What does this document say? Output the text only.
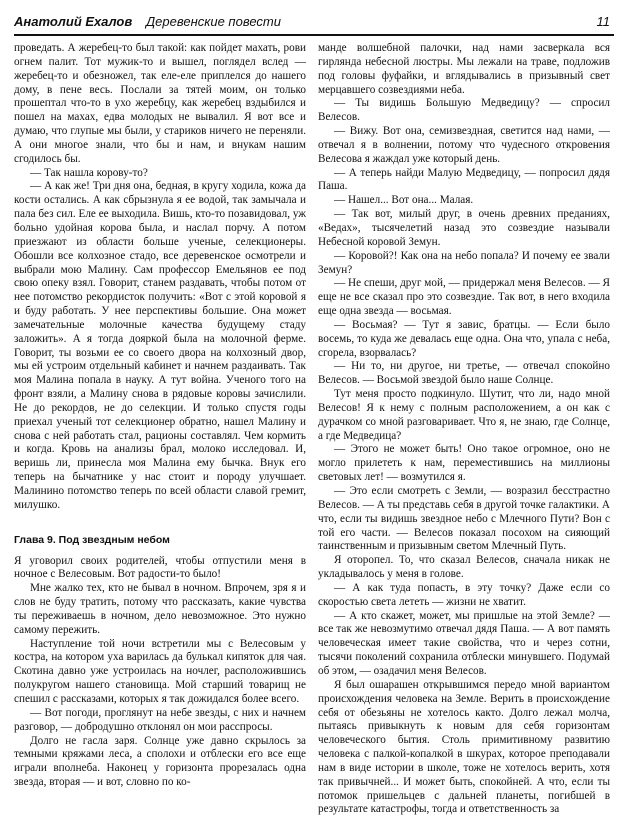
Анатолий Ехалов Деревенские повести	11

проведать. А жеребец-то был такой: как пойдет махать, рови огнем палит. Тот мужик-то и вышел, поглядел вслед — жеребец-то и обезножел, так еле-еле приплелся до нашего дому, в пене весь. Послали за тятей моим, он только прошептал что-то в ухо жеребцу, как жеребец вздыбился и пошел на махах, едва молодых не вывалил. Я вот все и думаю, что глупые мы были, у стариков ничего не переняли. А они многое знали, что бы и нам, и внукам нашим сгодилось бы.

— Так нашла корову-то?

— А как же! Три дня она, бедная, в кругу ходила, кожа да кости остались. А как сбрызнула я ее водой, так замычала и пала без сил. Еле ее выходила. Вишь, кто-то позавидовал, уж больно удойная корова была, и наслал порчу. А потом приезжают из области больше ученые, селекционеры. Обошли все колхозное стадо, все деревенское осмотрели и выбрали мою Малину. Сам профессор Емельянов ее под свою опеку взял. Говорит, станем раздавать, чтобы потом от нее потомство рекордисток получить: «Вот с этой коровой я и буду работать. У нее перспективы большие. Она может замечательные молочные качества будущему стаду заложить». А я тогда дояркой была на молочной ферме. Говорит, ты возьми ее со своего двора на колхозный двор, мы ей устроим отдельный кабинет и начнем раздаивать. Так моя Малина попала в науку. А тут война. Ученого того на фронт взяли, а Малину снова в рядовые коровы зачислили. Не до рекордов, не до селекции. И только спустя годы приехал ученый тот селекционер обратно, нашел Малину и снова с ней работать стал, рационы составлял. Чем кормить и когда. Кровь на анализы брал, молоко исследовал. И, веришь ли, принесла моя Малина ему бычка. Внук его теперь на бычатнике у нас стоит и породу улучшает. Малинино потомство теперь по всей области славой гремит, милушко.

Глава 9. Под звездным небом

Я уговорил своих родителей, чтобы отпустили меня в ночное с Велесовым. Вот радости-то было!

Мне жалко тех, кто не бывал в ночном. Впрочем, зря я и слов не буду тратить, потому что рассказать, какие чувства ты переживаешь в ночном, дело невозможное. Это нужно самому пережить.

Наступление той ночи встретили мы с Велесовым у костра, на котором уха варилась да булькал кипяток для чая. Скотина давно уже устроилась на ночлег, расположившись полукругом нашего становища. Мой старший товарищ не спешил с рассказами, которых я так дожидался более всего.

— Вот погоди, проглянут на небе звезды, с них и начнем разговор, — добродушно отклонял он мои расспросы.

Долго не гасла заря. Солнце уже давно скрылось за темными кряжами леса, а сполохи и отблески его все еще играли вполнеба. Наконец у горизонта прорезалась одна звезда, вторая — и вот, словно по ко-

манде волшебной палочки, над нами засверкала вся гирлянда небесной люстры. Мы лежали на траве, подложив под головы фуфайки, и вглядывались в призывный свет мерцавшего созвездиями неба.

— Ты видишь Большую Медведицу? — спросил Велесов.

— Вижу. Вот она, семизвездная, светится над нами, — отвечал я в волнении, потому что чудесного откровения Велесова я жаждал уже который день.

— А теперь найди Малую Медведицу, — попросил дядя Паша.

— Нашел... Вот она... Малая.

— Так вот, милый друг, в очень древних преданиях, «Ведах», тысячелетий назад это созвездие называли Небесной коровой Земун.

— Коровой?! Как она на небо попала? И почему ее звали Земун?

— Не спеши, друг мой, — придержал меня Велесов. — Я еще не все сказал про это созвездие. Так вот, в него входила еще одна звезда — восьмая.

— Восьмая? — Тут я завис, братцы. — Если было восемь, то куда же девалась еще одна. Она что, упала с неба, сгорела, взорвалась?

— Ни то, ни другое, ни третье, — отвечал спокойно Велесов. — Восьмой звездой было наше Солнце.

Тут меня просто подкинуло. Шутит, что ли, надо мной Велесов! Я к нему с полным расположением, а он как с дурачком со мной разговаривает. Что я, не знаю, где Солнце, а где Медведица?

— Этого не может быть! Оно такое огромное, оно не могло прилететь к нам, переместившись на миллионы световых лет! — возмутился я.

— Это если смотреть с Земли, — возразил бесстрастно Велесов. — А ты представь себя в другой точке галактики. А что, если ты видишь звездное небо с Млечного Пути? Вон с той его части. — Велесов показал посохом на сияющий таинственным и призывным светом Млечный Путь.

Я оторопел. То, что сказал Велесов, сначала никак не укладывалось у меня в голове.

— А как туда попасть, в эту точку? Даже если со скоростью света лететь — жизни не хватит.

— А кто скажет, может, мы пришлые на этой Земле? — все так же невозмутимо отвечал дядя Паша. — А вот память человеческая имеет такие свойства, что и через сотни, тысячи поколений сохранила отблески минувшего. Подумай об этом, — озадачил меня Велесов.

Я был ошарашен открывшимся передо мной вариантом происхождения человека на Земле. Верить в происхождение себя от обезьяны не хотелось както. Долго лежал молча, пытаясь привыкнуть к новым для себя горизонтам человеческого бытия. Столь примитивному развитию человека с палкой-копалкой в шкурах, которое преподавали нам в виде истории в школе, тоже не хотелось верить, хотя так привычней... И может быть, спокойней. А что, если ты потомок пришельцев с дальней планеты, погибшей в результате катастрофы, тогда и ответственность за
